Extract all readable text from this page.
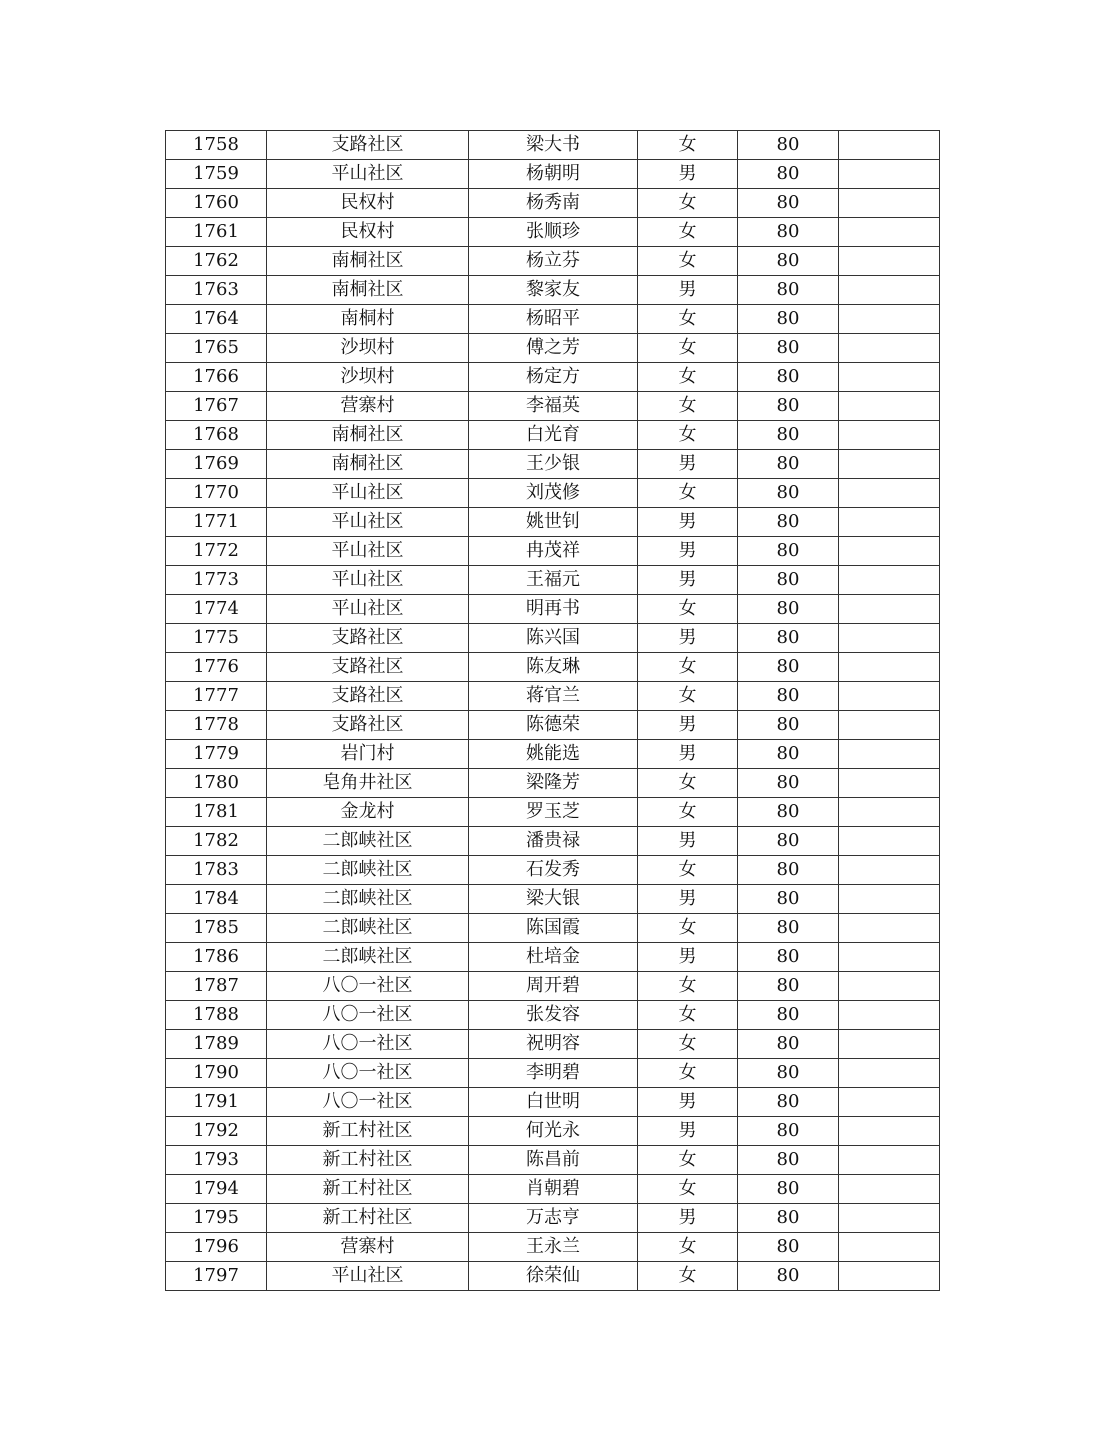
1758	支路社区	梁大书	女	80	
1759	平山社区	杨朝明	男	80	
1760	民权村	杨秀南	女	80	
1761	民权村	张顺珍	女	80	
1762	南桐社区	杨立芬	女	80	
1763	南桐社区	黎家友	男	80	
1764	南桐村	杨昭平	女	80	
1765	沙坝村	傅之芳	女	80	
1766	沙坝村	杨定方	女	80	
1767	营寨村	李福英	女	80	
1768	南桐社区	白光育	女	80	
1769	南桐社区	王少银	男	80	
1770	平山社区	刘茂修	女	80	
1771	平山社区	姚世钊	男	80	
1772	平山社区	冉茂祥	男	80	
1773	平山社区	王福元	男	80	
1774	平山社区	明再书	女	80	
1775	支路社区	陈兴国	男	80	
1776	支路社区	陈友琳	女	80	
1777	支路社区	蒋官兰	女	80	
1778	支路社区	陈德荣	男	80	
1779	岩门村	姚能选	男	80	
1780	皂角井社区	梁隆芳	女	80	
1781	金龙村	罗玉芝	女	80	
1782	二郎峡社区	潘贵禄	男	80	
1783	二郎峡社区	石发秀	女	80	
1784	二郎峡社区	梁大银	男	80	
1785	二郎峡社区	陈国霞	女	80	
1786	二郎峡社区	杜培金	男	80	
1787	八〇一社区	周开碧	女	80	
1788	八〇一社区	张发容	女	80	
1789	八〇一社区	祝明容	女	80	
1790	八〇一社区	李明碧	女	80	
1791	八〇一社区	白世明	男	80	
1792	新工村社区	何光永	男	80	
1793	新工村社区	陈昌前	女	80	
1794	新工村社区	肖朝碧	女	80	
1795	新工村社区	万志亨	男	80	
1796	营寨村	王永兰	女	80	
1797	平山社区	徐荣仙	女	80	
